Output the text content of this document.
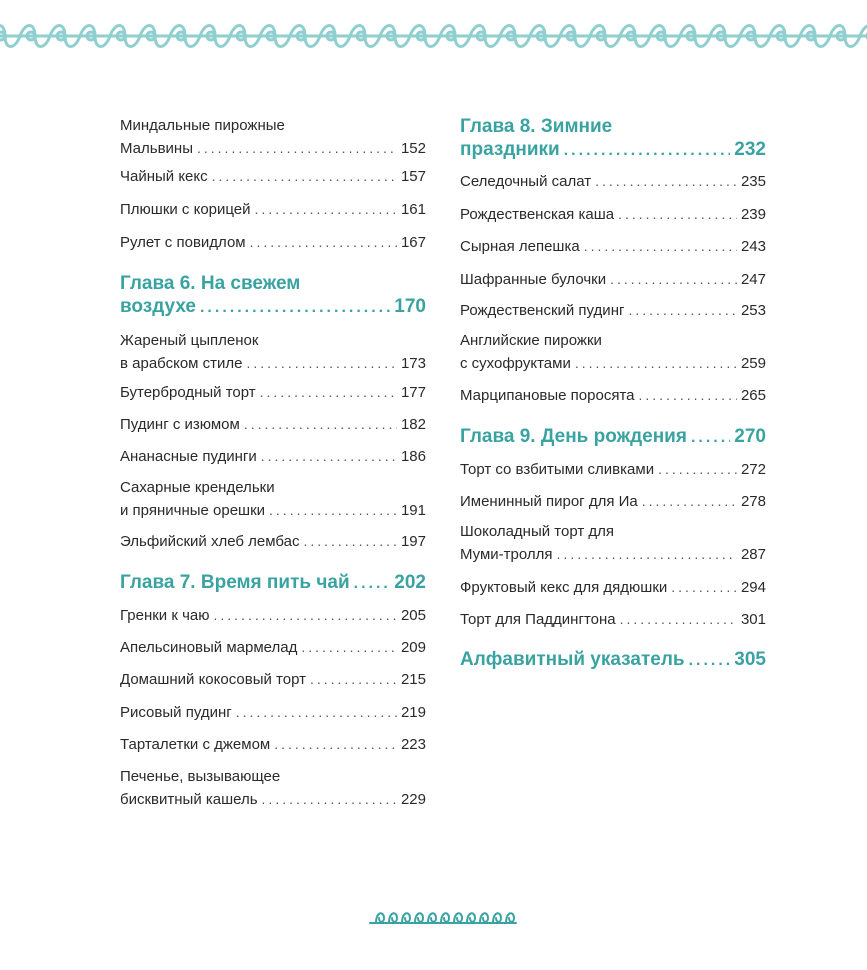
Миндальные пирожные
Мальвины .....	152
Чайный кекс .....	157
Плюшки с корицей .....	161
Рулет с повидлом .....	167
Глава 6. На свежем
воздухе .....	170
Жареный цыпленок
в арабском стиле .....	173
Бутербродный торт .....	177
Пудинг с изюмом .....	182
Ананасные пудинги .....	186
Сахарные крендельки
и пряничные орешки .....	191
Эльфийский хлеб лембас .....	197
Глава 7. Время пить чай ..... 202
Гренки к чаю .....	205
Апельсиновый мармелад .....	209
Домашний кокосовый торт .....	215
Рисовый пудинг .....	219
Тарталетки с джемом .....	223
Печенье, вызывающее
бисквитный кашель .....	229
Глава 8. Зимние
праздники .....	232
Селедочный салат .....	235
Рождественская каша .....	239
Сырная лепешка .....	243
Шафранные булочки .....	247
Рождественский пудинг .....	253
Английские пирожки
с сухофруктами .....	259
Марципановые поросята .....	265
Глава 9. День рождения ..... 270
Торт со взбитыми сливками .....	272
Именинный пирог для Иа .....	278
Шоколадный торт для
Муми-тролля .....	287
Фруктовый кекс для дядюшки .....	294
Торт для Паддингтона .....	301
Алфавитный указатель .....	305
